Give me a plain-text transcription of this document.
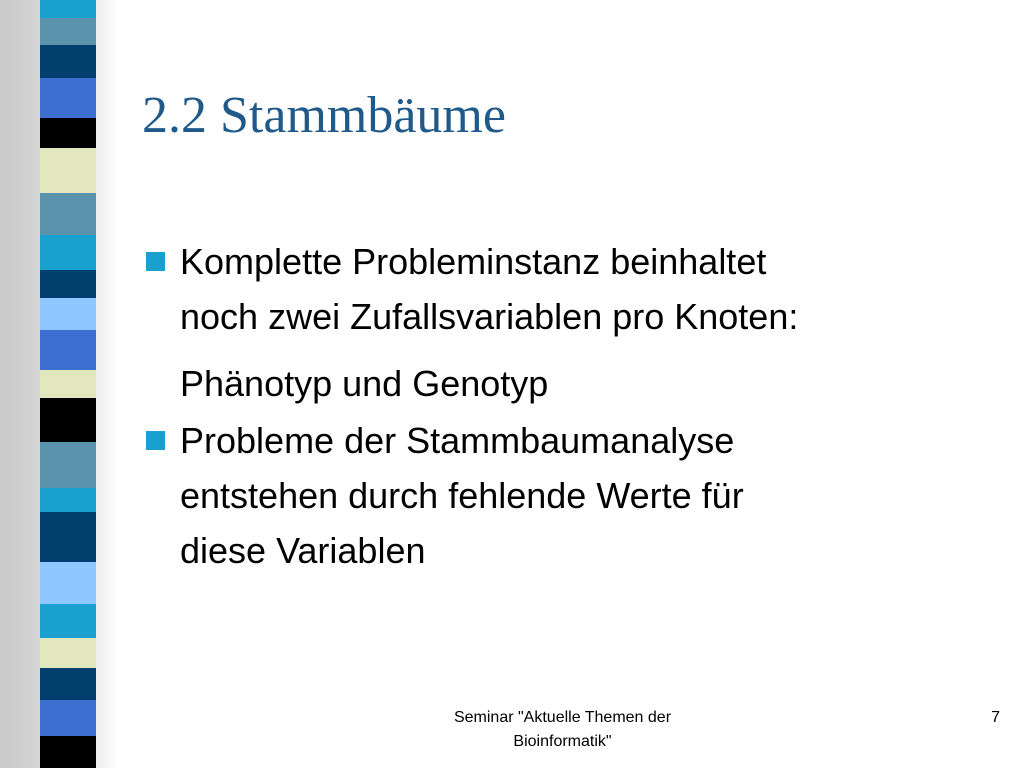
2.2 Stammbäume
Komplette Probleminstanz beinhaltet
noch zwei Zufallsvariablen pro Knoten:
Phänotyp und Genotyp
Probleme der Stammbaumanalyse
entstehen durch fehlende Werte für
diese Variablen
Seminar "Aktuelle Themen der
Bioinformatik"
7
